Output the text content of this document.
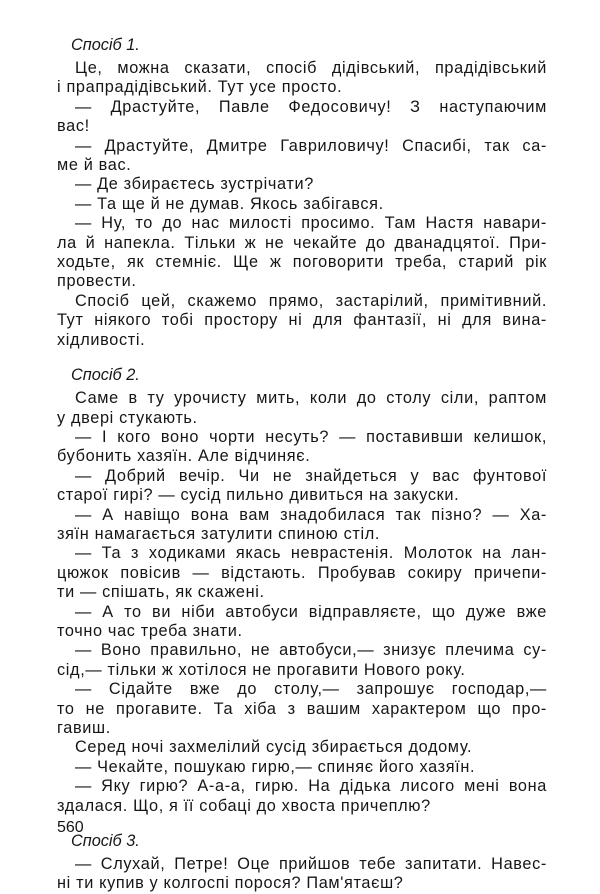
Спосіб 1.
Це, можна сказати, спосіб дідівський, прадідівський
і прапрадідівський. Тут усе просто.
— Драстуйте, Павле Федосовичу! З наступаючим
вас!
— Драстуйте, Дмитре Гавриловичу! Спасибі, так са-
ме й вас.
— Де збираєтесь зустрічати?
— Та ще й не думав. Якось забігався.
— Ну, то до нас милості просимо. Там Настя навари-
ла й напекла. Тільки ж не чекайте до дванадцятої. При-
ходьте, як стемніє. Ще ж поговорити треба, старий рік
провести.
Спосіб цей, скажемо прямо, застарілий, примітивний.
Тут ніякого тобі простору ні для фантазії, ні для вина-
хідливості.
Спосіб 2.
Саме в ту урочисту мить, коли до столу сіли, раптом
у двері стукають.
— І кого воно чорти несуть? — поставивши келишок,
бубонить хазяїн. Але відчиняє.
— Добрий вечір. Чи не знайдеться у вас фунтової
старої гирі? — сусід пильно дивиться на закуски.
— А навіщо вона вам знадобилася так пізно? — Ха-
зяїн намагається затулити спиною стіл.
— Та з ходиками якась неврастенія. Молоток на лан-
цюжок повісив — відстають. Пробував сокиру причепи-
ти — спішать, як скажені.
— А то ви ніби автобуси відправляєте, що дуже вже
точно час треба знати.
— Воно правильно, не автобуси,— знизує плечима су-
сід,— тільки ж хотілося не прогавити Нового року.
— Сідайте вже до столу,— запрошує господар,—
то не прогавите. Та хіба з вашим характером що про-
гавиш.
Серед ночі захмелілий сусід збирається додому.
— Чекайте, пошукаю гирю,— спиняє його хазяїн.
— Яку гирю? А-а-а, гирю. На дідька лисого мені вона
здалася. Що, я її собаці до хвоста причеплю?
Спосіб 3.
— Слухай, Петре! Оце прийшов тебе запитати. Навес-
ні ти купив у колгоспі порося? Пам'ятаєш?
560
